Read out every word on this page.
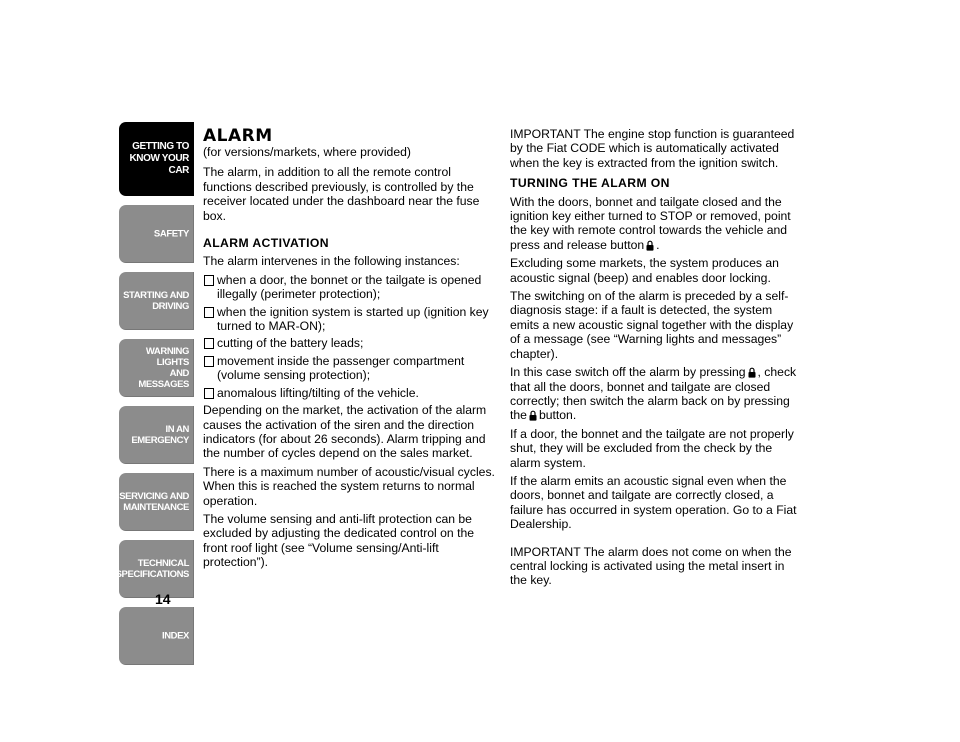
GETTING TO
KNOW YOUR CAR
SAFETY
STARTING AND
DRIVING
WARNING LIGHTS
AND MESSAGES
IN AN EMERGENCY
SERVICING AND
MAINTENANCE
TECHNICAL
SPECIFICATIONS
INDEX
14
ALARM

(for versions/markets, where provided)

The alarm, in addition to all the remote control functions described previously, is controlled by the receiver located under the dashboard near the fuse box.

ALARM ACTIVATION

The alarm intervenes in the following instances:

when a door, the bonnet or the tailgate is opened illegally (perimeter protection);
when the ignition system is started up (ignition key turned to MAR-ON);
cutting of the battery leads;
movement inside the passenger compartment (volume sensing protection);
anomalous lifting/tilting of the vehicle.

Depending on the market, the activation of the alarm causes the activation of the siren and the direction indicators (for about 26 seconds). Alarm tripping and the number of cycles depend on the sales market.

There is a maximum number of acoustic/visual cycles. When this is reached the system returns to normal operation.

The volume sensing and anti-lift protection can be excluded by adjusting the dedicated control on the front roof light (see “Volume sensing/Anti-lift protection”).

IMPORTANT The engine stop function is guaranteed by the Fiat CODE which is automatically activated when the key is extracted from the ignition switch.

TURNING THE ALARM ON

With the doors, bonnet and tailgate closed and the ignition key either turned to STOP or removed, point the key with remote control towards the vehicle and press and release button .

Excluding some markets, the system produces an acoustic signal (beep) and enables door locking.

The switching on of the alarm is preceded by a self-diagnosis stage: if a fault is detected, the system emits a new acoustic signal together with the display of a message (see “Warning lights and messages” chapter).

In this case switch off the alarm by pressing , check that all the doors, bonnet and tailgate are closed correctly; then switch the alarm back on by pressing the button.

If a door, the bonnet and the tailgate are not properly shut, they will be excluded from the check by the alarm system.

If the alarm emits an acoustic signal even when the doors, bonnet and tailgate are correctly closed, a failure has occurred in system operation. Go to a Fiat Dealership.

IMPORTANT The alarm does not come on when the central locking is activated using the metal insert in the key.
